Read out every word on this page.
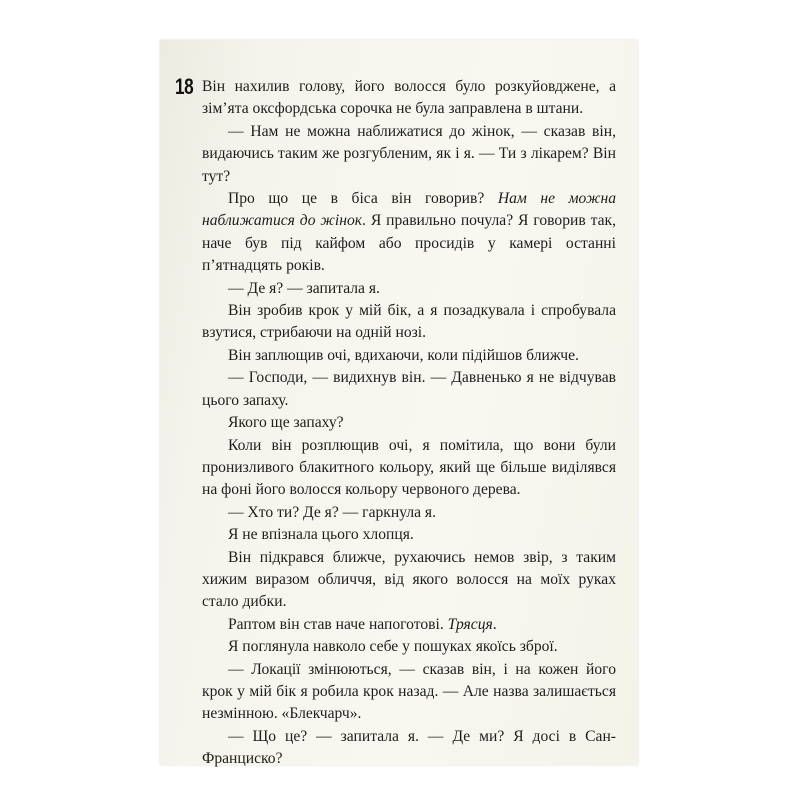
18 Він нахилив голову, його волосся було розкуйовджене, а зім’ята оксфордська сорочка не була заправлена в штани.

— Нам не можна наближатися до жінок, — сказав він, видаючись таким же розгубленим, як і я. — Ти з лікарем? Він тут?

Про що це в біса він говорив? Нам не можна наближатися до жінок. Я правильно почула? Я говорив так, наче був під кайфом або просидів у камері останні п’ятнадцять років.

— Де я? — запитала я.

Він зробив крок у мій бік, а я позадкувала і спробувала взутися, стрибаючи на одній нозі.

Він заплющив очі, вдихаючи, коли підійшов ближче.

— Господи, — видихнув він. — Давненько я не відчував цього запаху.

Якого ще запаху?

Коли він розплющив очі, я помітила, що вони були пронизливого блакитного кольору, який ще більше виділявся на фоні його волосся кольору червоного дерева.

— Хто ти? Де я? — гаркнула я.

Я не впізнала цього хлопця.

Він підкрався ближче, рухаючись немов звір, з таким хижим виразом обличчя, від якого волосся на моїх руках стало дибки.

Раптом він став наче напоготові. Трясця.

Я поглянула навколо себе у пошуках якоїсь зброї.

— Локації змінюються, — сказав він, і на кожен його крок у мій бік я робила крок назад. — Але назва залишається незмінною. «Блекчарч».

— Що це? — запитала я. — Де ми? Я досі в Сан-Франциско?
